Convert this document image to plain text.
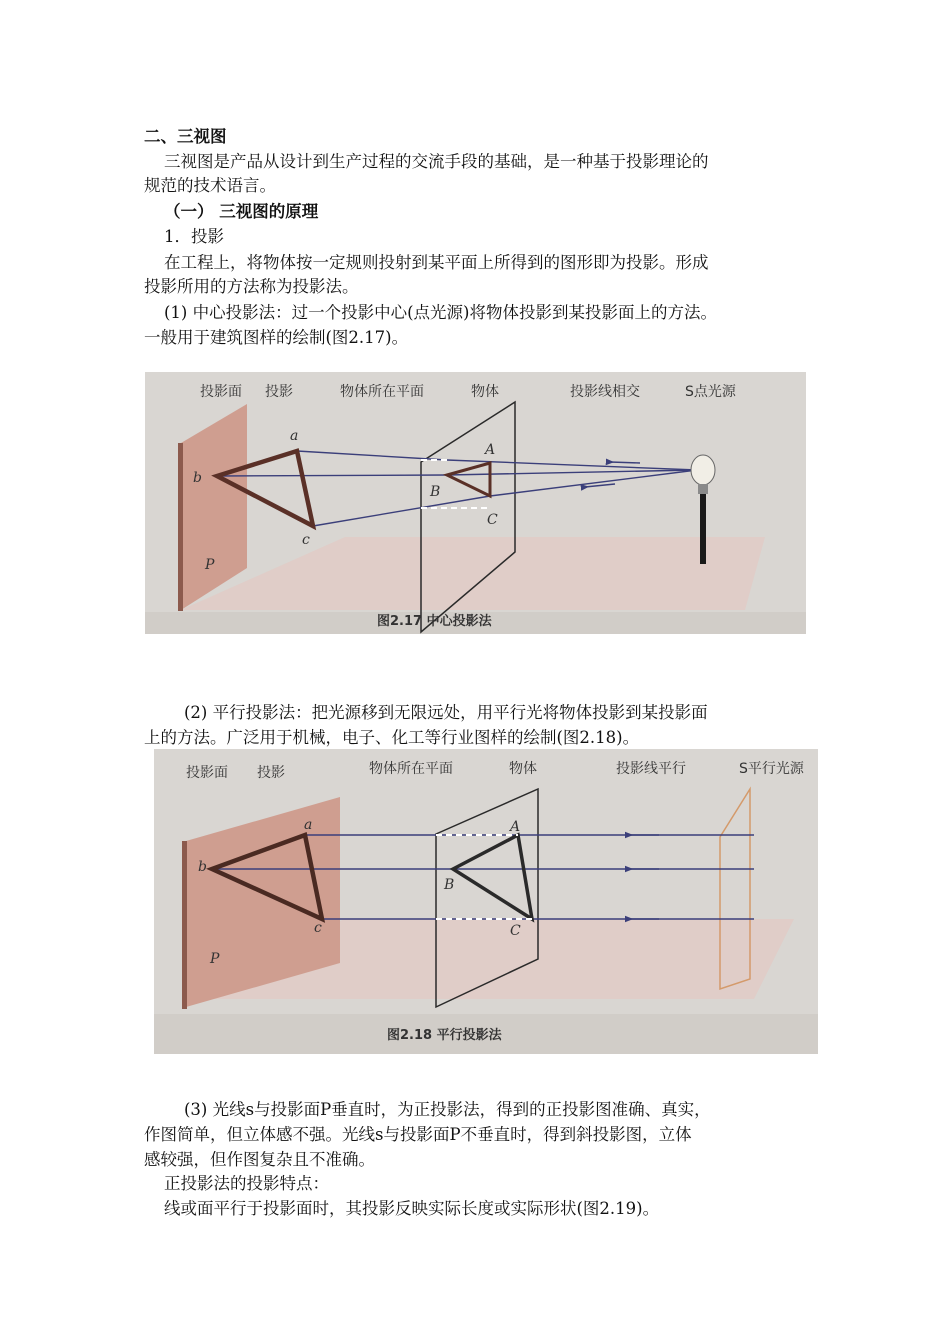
二、三视图
三视图是产品从设计到生产过程的交流手段的基础，是一种基于投影理论的
规范的技术语言。
（一） 三视图的原理
1．投影
在工程上，将物体按一定规则投射到某平面上所得到的图形即为投影。形成
投影所用的方法称为投影法。
(1) 中心投影法：过一个投影中心(点光源)将物体投影到某投影面上的方法。
一般用于建筑图样的绘制(图2.17)。
投影面 投影	物体所在平面	物体	投影线相交	S点光源
a
b
c
A
B
C
P
图2.17 中心投影法
(2) 平行投影法：把光源移到无限远处，用平行光将物体投影到某投影面
上的方法。广泛用于机械，电子、化工等行业图样的绘制(图2.18)。
投影面 投影	物体所在平面	物体	投影线平行	S平行光源
a
b
c
A
B
C
P
图2.18 平行投影法
(3) 光线s与投影面P垂直时，为正投影法，得到的正投影图准确、真实，
作图简单，但立体感不强。光线s与投影面P不垂直时，得到斜投影图，立体
感较强，但作图复杂且不准确。
正投影法的投影特点：
线或面平行于投影面时，其投影反映实际长度或实际形状(图2.19)。
